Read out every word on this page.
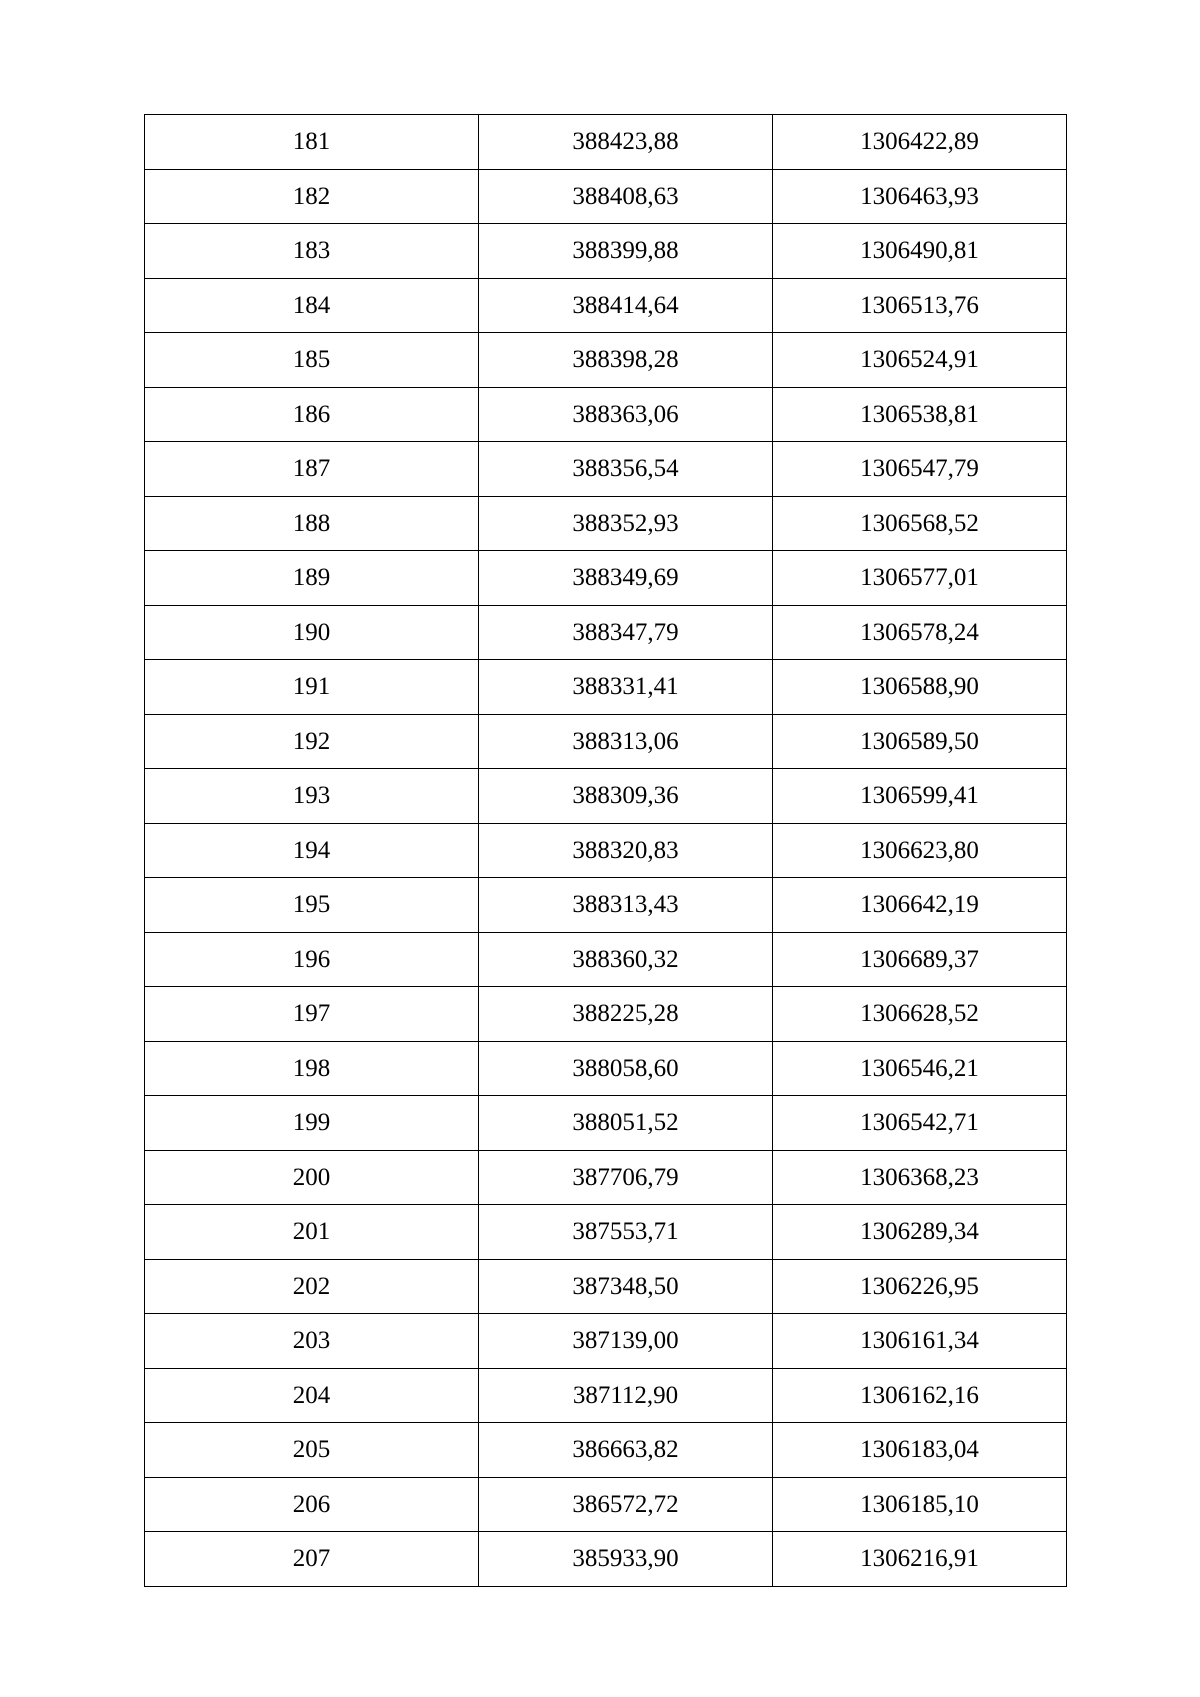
181	388423,88	1306422,89
182	388408,63	1306463,93
183	388399,88	1306490,81
184	388414,64	1306513,76
185	388398,28	1306524,91
186	388363,06	1306538,81
187	388356,54	1306547,79
188	388352,93	1306568,52
189	388349,69	1306577,01
190	388347,79	1306578,24
191	388331,41	1306588,90
192	388313,06	1306589,50
193	388309,36	1306599,41
194	388320,83	1306623,80
195	388313,43	1306642,19
196	388360,32	1306689,37
197	388225,28	1306628,52
198	388058,60	1306546,21
199	388051,52	1306542,71
200	387706,79	1306368,23
201	387553,71	1306289,34
202	387348,50	1306226,95
203	387139,00	1306161,34
204	387112,90	1306162,16
205	386663,82	1306183,04
206	386572,72	1306185,10
207	385933,90	1306216,91
